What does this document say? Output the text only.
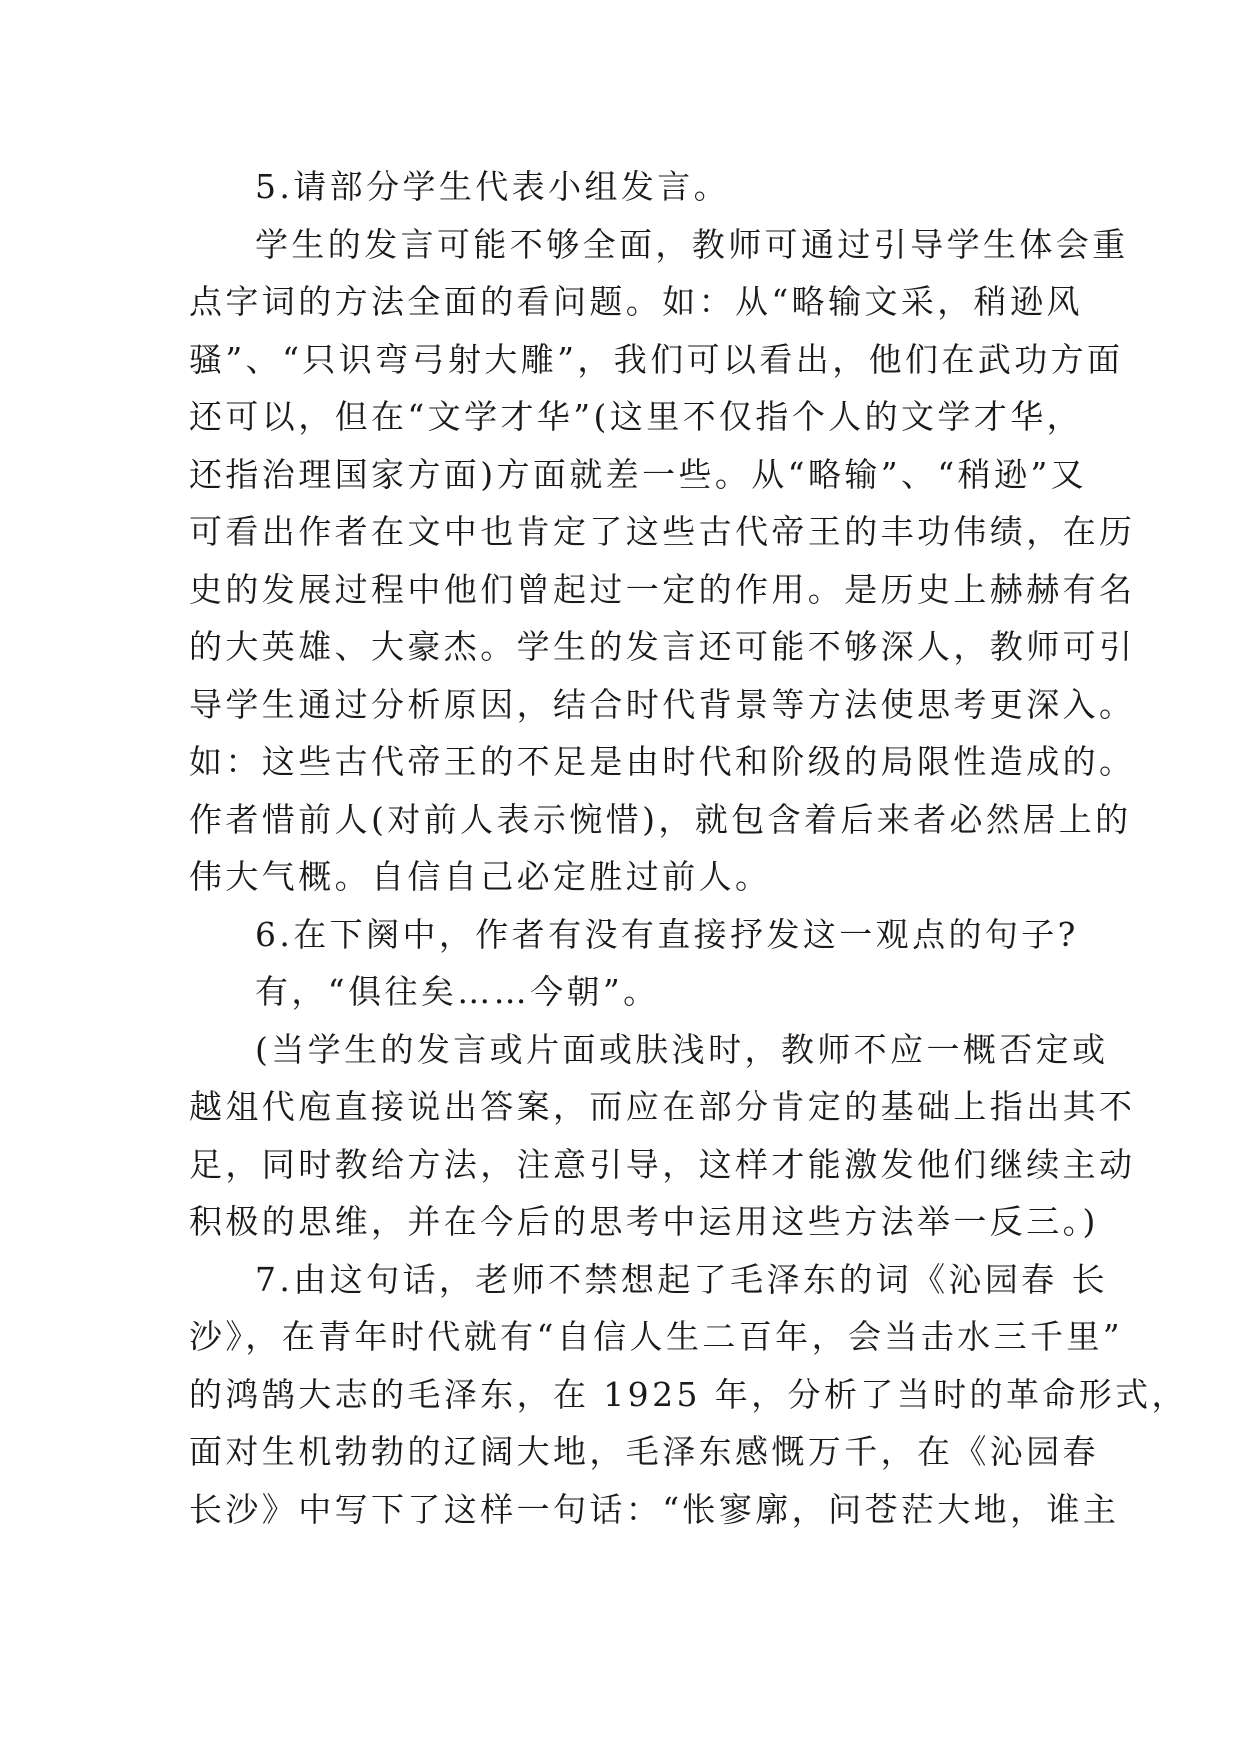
5.请部分学生代表小组发言。
学生的发言可能不够全面，教师可通过引导学生体会重
点字词的方法全面的看问题。如：从“略输文采，稍逊风
骚”、“只识弯弓射大雕”，我们可以看出，他们在武功方面
还可以，但在“文学才华”(这里不仅指个人的文学才华，
还指治理国家方面)方面就差一些。从“略输”、“稍逊”又
可看出作者在文中也肯定了这些古代帝王的丰功伟绩，在历
史的发展过程中他们曾起过一定的作用。是历史上赫赫有名
的大英雄、大豪杰。学生的发言还可能不够深人，教师可引
导学生通过分析原因，结合时代背景等方法使思考更深入。
如：这些古代帝王的不足是由时代和阶级的局限性造成的。
作者惜前人(对前人表示惋惜)，就包含着后来者必然居上的
伟大气概。自信自己必定胜过前人。
6.在下阕中，作者有没有直接抒发这一观点的句子?
有，“俱往矣……今朝”。
(当学生的发言或片面或肤浅时，教师不应一概否定或
越俎代庖直接说出答案，而应在部分肯定的基础上指出其不
足，同时教给方法，注意引导，这样才能激发他们继续主动
积极的思维，并在今后的思考中运用这些方法举一反三。)
7.由这句话，老师不禁想起了毛泽东的词《沁园春 长
沙》，在青年时代就有“自信人生二百年，会当击水三千里”
的鸿鹄大志的毛泽东，在 1925 年，分析了当时的革命形式，
面对生机勃勃的辽阔大地，毛泽东感慨万千，在《沁园春
长沙》中写下了这样一句话：“怅寥廓，问苍茫大地，谁主
